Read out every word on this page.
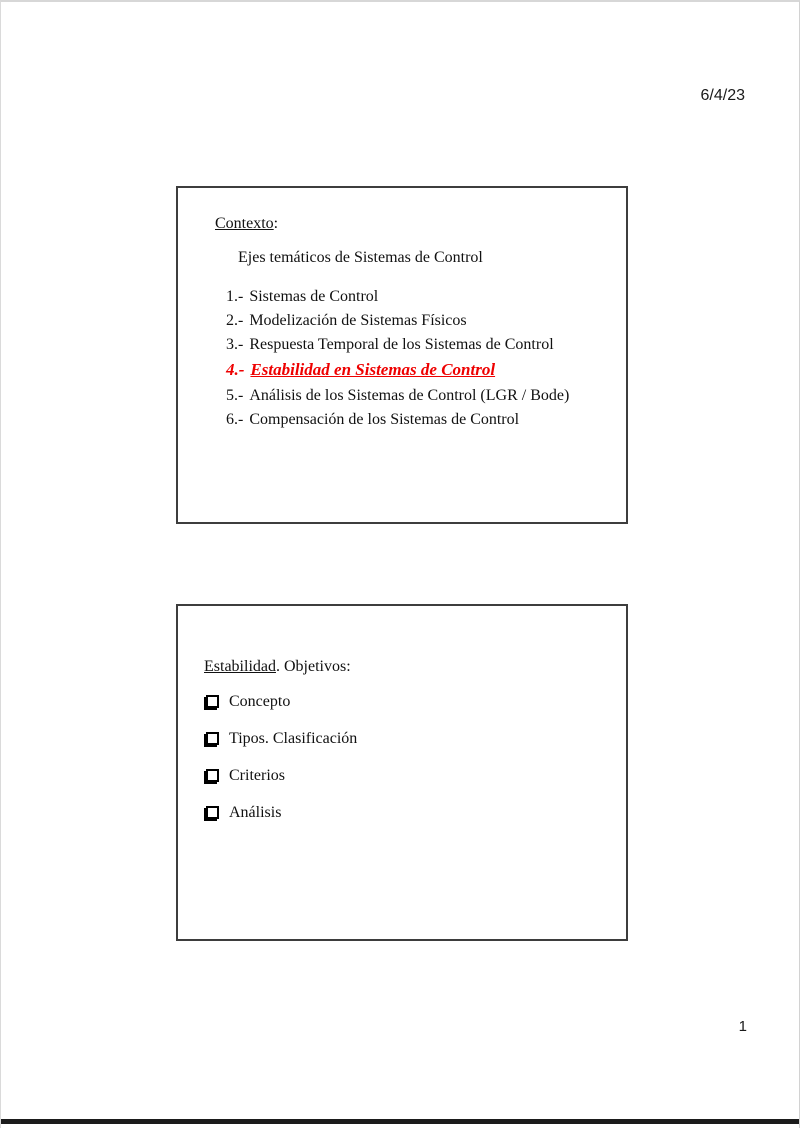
6/4/23
Contexto:
Ejes temáticos de Sistemas de Control
1.- Sistemas de Control
2.- Modelización de Sistemas Físicos
3.- Respuesta Temporal de los Sistemas de Control
4.- Estabilidad en Sistemas de Control
5.- Análisis de los Sistemas de Control (LGR / Bode)
6.- Compensación de los Sistemas de Control
Estabilidad. Objetivos:
Concepto
Tipos. Clasificación
Criterios
Análisis
1
